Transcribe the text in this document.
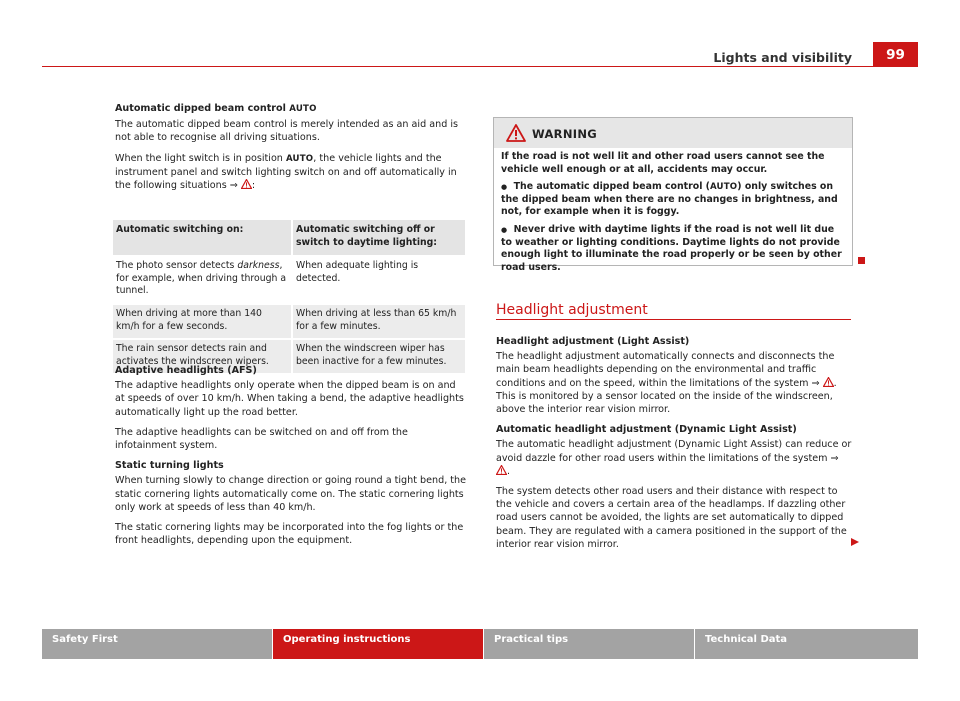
Lights and visibility	99
Automatic dipped beam control AUTO

The automatic dipped beam control is merely intended as an aid and is not able to recognise all driving situations.

When the light switch is in position AUTO, the vehicle lights and the instrument panel and switch lighting switch on and off automatically in the following situations ⇒ :

Automatic switching on:	Automatic switching off or switch to daytime lighting:
The photo sensor detects darkness, for example, when driving through a tunnel.	When adequate lighting is detected.
When driving at more than 140 km/h for a few seconds.	When driving at less than 65 km/h for a few minutes.
The rain sensor detects rain and activates the windscreen wipers.	When the windscreen wiper has been inactive for a few minutes.
Adaptive headlights (AFS)

The adaptive headlights only operate when the dipped beam is on and at speeds of over 10 km/h. When taking a bend, the adaptive headlights automatically light up the road better.

The adaptive headlights can be switched on and off from the infotainment system.

Static turning lights

When turning slowly to change direction or going round a tight bend, the static cornering lights automatically come on. The static cornering lights only work at speeds of less than 40 km/h.

The static cornering lights may be incorporated into the fog lights or the front headlights, depending upon the equipment.

WARNING

If the road is not well lit and other road users cannot see the vehicle well enough or at all, accidents may occur.

● The automatic dipped beam control (AUTO) only switches on the dipped beam when there are no changes in brightness, and not, for example when it is foggy.

● Never drive with daytime lights if the road is not well lit due to weather or lighting conditions. Daytime lights do not provide enough light to illuminate the road properly or be seen by other road users.

Headlight adjustment
Headlight adjustment (Light Assist)

The headlight adjustment automatically connects and disconnects the main beam headlights depending on the environmental and traffic conditions and on the speed, within the limitations of the system ⇒ . This is monitored by a sensor located on the inside of the windscreen, above the interior rear vision mirror.

Automatic headlight adjustment (Dynamic Light Assist)

The automatic headlight adjustment (Dynamic Light Assist) can reduce or avoid dazzle for other road users within the limitations of the system ⇒ .

The system detects other road users and their distance with respect to the vehicle and covers a certain area of the headlamps. If dazzling other road users cannot be avoided, the lights are set automatically to dipped beam. They are regulated with a camera positioned in the support of the interior rear vision mirror.

Safety First	Operating instructions	Practical tips	Technical Data
